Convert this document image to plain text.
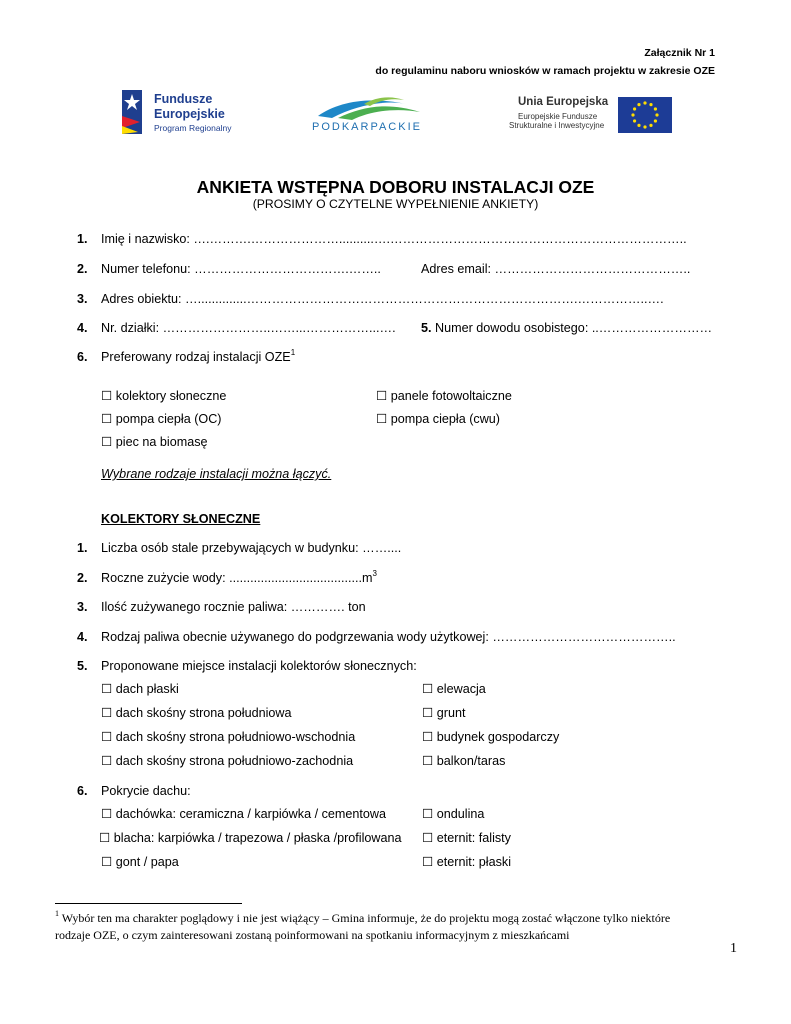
Załącznik Nr 1
do regulaminu naboru wniosków w ramach projektu w zakresie OZE
Fundusze
Europejskie
Program Regionalny	PODKARPACKIE
Unia Europejska
Europejskie Fundusze
Strukturalne i Inwestycyjne
ANKIETA WSTĘPNA DOBORU INSTALACJI OZE
(PROSIMY O CZYTELNE WYPEŁNIENIE ANKIETY)
1. Imię i nazwisko: ….……….…………………..........….……………………………………………………………..
2. Numer telefonu: ……………………………….……..	Adres email: ………………………………………..
3. Adres obiektu: …..............…………………………………………………………………….……………..….
4. Nr. działki: ……………………..……...……………...…. 5. Numer dowodu osobistego: ..………………………
6. Preferowany rodzaj instalacji OZE$^1$
☐ kolektory słoneczne
☐ pompa ciepła (OC)
☐ piec na biomasę
☐ panele fotowoltaiczne
☐ pompa ciepła (cwu)
Wybrane rodzaje instalacji można łączyć.
KOLEKTORY SŁONECZNE
1. Liczba osób stale przebywających w budynku: ……....
2. Roczne zużycie wody: $......................................m^3$
3. Ilość zużywanego rocznie paliwa: …………. ton
4. Rodzaj paliwa obecnie używanego do podgrzewania wody użytkowej: ……………………………………..
5. Proponowane miejsce instalacji kolektorów słonecznych:
☐ dach płaski
☐ dach skośny strona południowa
☐ dach skośny strona południowo-wschodnia
☐ dach skośny strona południowo-zachodnia
☐ elewacja
☐ grunt
☐ budynek gospodarczy
☐ balkon/taras
6. Pokrycie dachu:
☐ dachówka: ceramiczna / karpiówka / cementowa
☐ blacha: karpiówka / trapezowa / płaska /profilowana
☐ gont / papa
☐ ondulina
☐ eternit: falisty
☐ eternit: płaski
$^1$ Wybór ten ma charakter poglądowy i nie jest wiążący – Gmina informuje, że do projektu mogą zostać włączone tylko niektóre
rodzaje OZE, o czym zainteresowani zostaną poinformowani na spotkaniu informacyjnym z mieszkańcami
1
